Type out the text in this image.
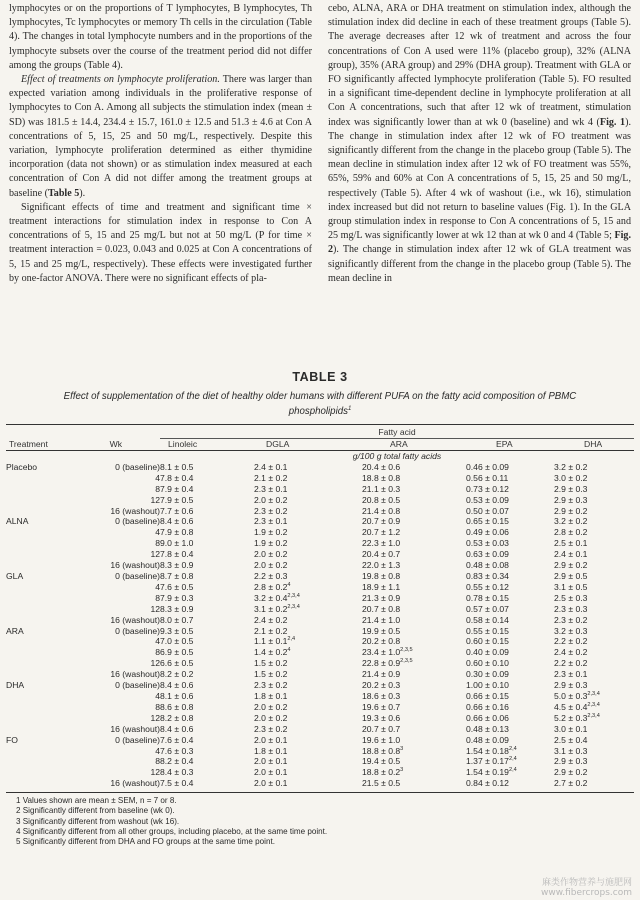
lymphocytes or on the proportions of T lymphocytes, B lymphocytes, Th lymphocytes, Tc lymphocytes or memory Th cells in the circulation (Table 4). The changes in total lymphocyte numbers and in the proportions of the lymphocyte subsets over the course of the treatment period did not differ among the groups (Table 4).

Effect of treatments on lymphocyte proliferation. There was larger than expected variation among individuals in the proliferative response of lymphocytes to Con A. Among all subjects the stimulation index (mean ± SD) was 181.5 ± 14.4, 234.4 ± 15.7, 161.0 ± 12.5 and 51.3 ± 4.6 at Con A concentrations of 5, 15, 25 and 50 mg/L, respectively. Despite this variation, lymphocyte proliferation determined as either thymidine incorporation (data not shown) or as stimulation index measured at each concentration of Con A did not differ among the treatment groups at baseline (Table 5).

Significant effects of time and treatment and significant time × treatment interactions for stimulation index in response to Con A concentrations of 5, 15 and 25 mg/L but not at 50 mg/L (P for time × treatment interaction = 0.023, 0.043 and 0.025 at Con A concentrations of 5, 15 and 25 mg/L, respectively). These effects were investigated further by one-factor ANOVA. There were no significant effects of pla-

cebo, ALNA, ARA or DHA treatment on stimulation index, although the stimulation index did decline in each of these treatment groups (Table 5). The average decreases after 12 wk of treatment and across the four concentrations of Con A used were 11% (placebo group), 32% (ALNA group), 35% (ARA group) and 29% (DHA group). Treatment with GLA or FO significantly affected lymphocyte proliferation (Table 5). FO resulted in a significant time-dependent decline in lymphocyte proliferation at all Con A concentrations, such that after 12 wk of treatment, stimulation index was significantly lower than at wk 0 (baseline) and wk 4 (Fig. 1). The change in stimulation index after 12 wk of FO treatment was significantly different from the change in the placebo group (Table 5). The mean decline in stimulation index after 12 wk of FO treatment was 55%, 65%, 59% and 60% at Con A concentrations of 5, 15, 25 and 50 mg/L, respectively (Table 5). After 4 wk of washout (i.e., wk 16), stimulation index increased but did not return to baseline values (Fig. 1). In the GLA group stimulation index in response to Con A concentrations of 5, 15 and 25 mg/L was significantly lower at wk 12 than at wk 0 and 4 (Table 5; Fig. 2). The change in stimulation index after 12 wk of GLA treatment was significantly different from the change in the placebo group (Table 5). The mean decline in

TABLE 3
Effect of supplementation of the diet of healthy older humans with different PUFA on the fatty acid composition of PBMC phospholipids$^1$

		Fatty acid				

Treatment	Wk	Linoleic	DGLA	ARA	EPA	DHA
		g/100 g total fatty acids				
Placebo	0 (baseline)	8.1 ± 0.5	2.4 ± 0.1	20.4 ± 0.6	0.46 ± 0.09	3.2 ± 0.2
	4	7.8 ± 0.4	2.1 ± 0.2	18.8 ± 0.8	0.56 ± 0.11	3.0 ± 0.2
	8	7.9 ± 0.4	2.3 ± 0.1	21.1 ± 0.3	0.73 ± 0.12	2.9 ± 0.3
	12	7.9 ± 0.5	2.0 ± 0.2	20.8 ± 0.5	0.53 ± 0.09	2.9 ± 0.3
	16 (washout)	7.7 ± 0.6	2.3 ± 0.2	21.4 ± 0.8	0.50 ± 0.07	2.9 ± 0.2
ALNA	0 (baseline)	8.4 ± 0.6	2.3 ± 0.1	20.7 ± 0.9	0.65 ± 0.15	3.2 ± 0.2
	4	7.9 ± 0.8	1.9 ± 0.2	20.7 ± 1.2	0.49 ± 0.06	2.8 ± 0.2
	8	9.0 ± 1.0	1.9 ± 0.2	22.3 ± 1.0	0.53 ± 0.03	2.5 ± 0.1
	12	7.8 ± 0.4	2.0 ± 0.2	20.4 ± 0.7	0.63 ± 0.09	2.4 ± 0.1
	16 (washout)	8.3 ± 0.9	2.0 ± 0.2	22.0 ± 1.3	0.48 ± 0.08	2.9 ± 0.2
GLA	0 (baseline)	8.7 ± 0.8	2.2 ± 0.3	19.8 ± 0.8	0.83 ± 0.34	2.9 ± 0.5
	4	7.6 ± 0.5	$2.8 \pm 0.2^4$	18.9 ± 1.1	0.55 ± 0.12	3.1 ± 0.5
	8	7.9 ± 0.3	$3.2 \pm 0.4^{2,3,4}$	21.3 ± 0.9	0.78 ± 0.15	2.5 ± 0.3
	12	8.3 ± 0.9	$3.1 \pm 0.2^{2,3,4}$	20.7 ± 0.8	0.57 ± 0.07	2.3 ± 0.3
	16 (washout)	8.0 ± 0.7	2.4 ± 0.2	21.4 ± 1.0	0.58 ± 0.14	2.3 ± 0.2
ARA	0 (baseline)	9.3 ± 0.5	2.1 ± 0.2	19.9 ± 0.5	0.55 ± 0.15	3.2 ± 0.3
	4	7.0 ± 0.5	$1.1 \pm 0.1^{2,4}$	20.2 ± 0.8	0.60 ± 0.15	2.2 ± 0.2
	8	6.9 ± 0.5	$1.4 \pm 0.2^4$	$23.4 \pm 1.0^{2,3,5}$	0.40 ± 0.09	2.4 ± 0.2
	12	6.6 ± 0.5	1.5 ± 0.2	$22.8 \pm 0.9^{2,3,5}$	0.60 ± 0.10	2.2 ± 0.2
	16 (washout)	8.2 ± 0.2	1.5 ± 0.2	21.4 ± 0.9	0.30 ± 0.09	2.3 ± 0.1
DHA	0 (baseline)	8.4 ± 0.6	2.3 ± 0.2	20.2 ± 0.3	1.00 ± 0.10	2.9 ± 0.3
	4	8.1 ± 0.6	1.8 ± 0.1	18.6 ± 0.3	0.66 ± 0.15	$5.0 \pm 0.3^{2,3,4}$
	8	8.6 ± 0.8	2.0 ± 0.2	19.6 ± 0.7	0.66 ± 0.16	$4.5 \pm 0.4^{2,3,4}$
	12	8.2 ± 0.8	2.0 ± 0.2	19.3 ± 0.6	0.66 ± 0.06	$5.2 \pm 0.3^{2,3,4}$
	16 (washout)	8.4 ± 0.6	2.3 ± 0.2	20.7 ± 0.7	0.48 ± 0.13	3.0 ± 0.1
FO	0 (baseline)	7.6 ± 0.4	2.0 ± 0.1	19.6 ± 1.0	0.48 ± 0.09	2.5 ± 0.4
	4	7.6 ± 0.3	1.8 ± 0.1	$18.8 \pm 0.8^3$	$1.54 \pm 0.18^{2,4}$	3.1 ± 0.3
	8	8.2 ± 0.4	2.0 ± 0.1	19.4 ± 0.5	$1.37 \pm 0.17^{2,4}$	2.9 ± 0.3
	12	8.4 ± 0.3	2.0 ± 0.1	$18.8 \pm 0.2^3$	$1.54 \pm 0.19^{2,4}$	2.9 ± 0.2
	16 (washout)	7.5 ± 0.4	2.0 ± 0.1	21.5 ± 0.5	0.84 ± 0.12	2.7 ± 0.2

1 Values shown are mean ± SEM, n = 7 or 8.
2 Significantly different from baseline (wk 0).
3 Significantly different from washout (wk 16).
4 Significantly different from all other groups, including placebo, at the same time point.
5 Significantly different from DHA and FO groups at the same time point.
麻类作物营养与施肥网
www.fibercrops.com
